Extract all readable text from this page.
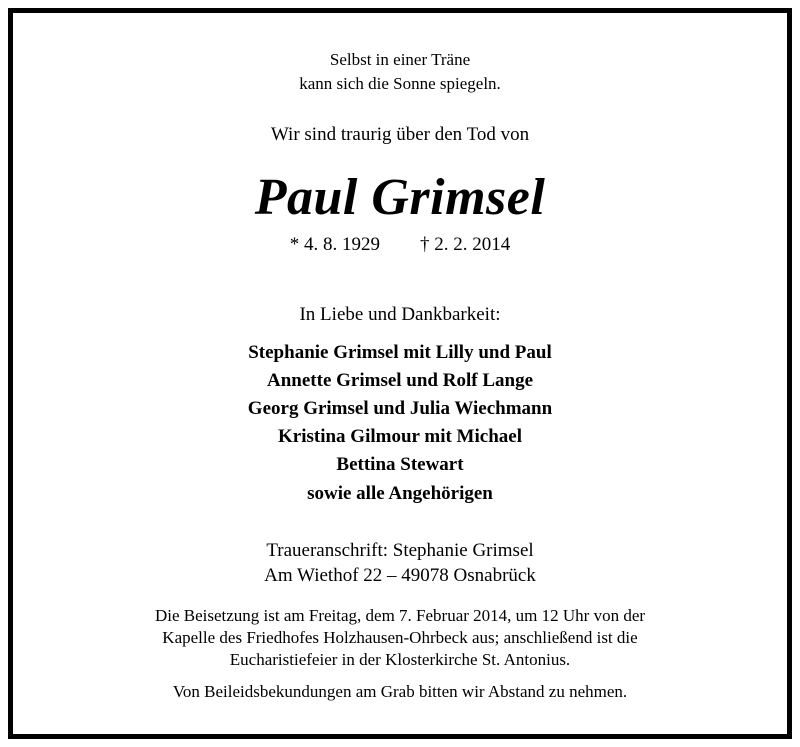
Selbst in einer Träne
kann sich die Sonne spiegeln.
Wir sind traurig über den Tod von
Paul Grimsel
* 4. 8. 1929 † 2. 2. 2014
In Liebe und Dankbarkeit:
Stephanie Grimsel mit Lilly und Paul
Annette Grimsel und Rolf Lange
Georg Grimsel und Julia Wiechmann
Kristina Gilmour mit Michael
Bettina Stewart
sowie alle Angehörigen
Traueranschrift: Stephanie Grimsel
Am Wiethof 22 – 49078 Osnabrück
Die Beisetzung ist am Freitag, dem 7. Februar 2014, um 12 Uhr von der
Kapelle des Friedhofes Holzhausen-Ohrbeck aus; anschließend ist die
Eucharistiefeier in der Klosterkirche St. Antonius.
Von Beileidsbekundungen am Grab bitten wir Abstand zu nehmen.
